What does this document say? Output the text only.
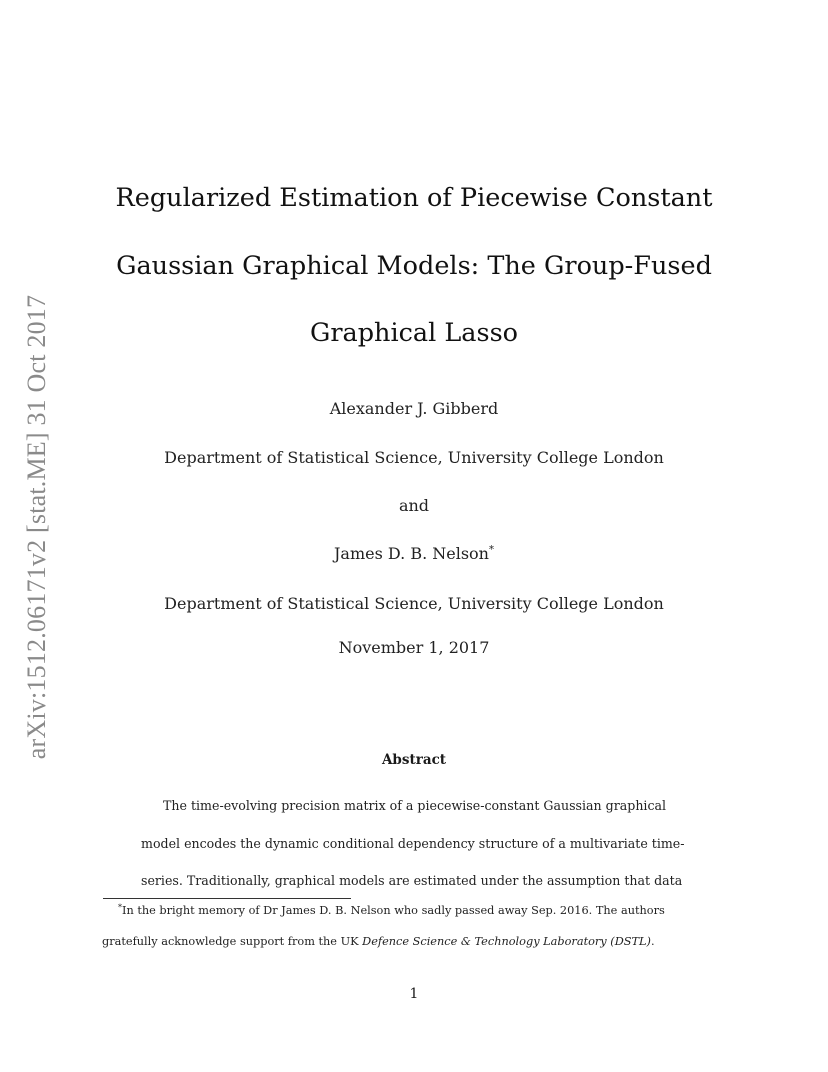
arXiv:1512.06171v2 [stat.ME] 31 Oct 2017
Regularized Estimation of Piecewise Constant
Gaussian Graphical Models: The Group-Fused
Graphical Lasso
Alexander J. Gibberd
Department of Statistical Science, University College London
and
James D. B. Nelson*
Department of Statistical Science, University College London
November 1, 2017
Abstract
The time-evolving precision matrix of a piecewise-constant Gaussian graphical
model encodes the dynamic conditional dependency structure of a multivariate time-
series. Traditionally, graphical models are estimated under the assumption that data
*In the bright memory of Dr James D. B. Nelson who sadly passed away Sep. 2016. The authors
gratefully acknowledge support from the UK Defence Science & Technology Laboratory (DSTL).
1
